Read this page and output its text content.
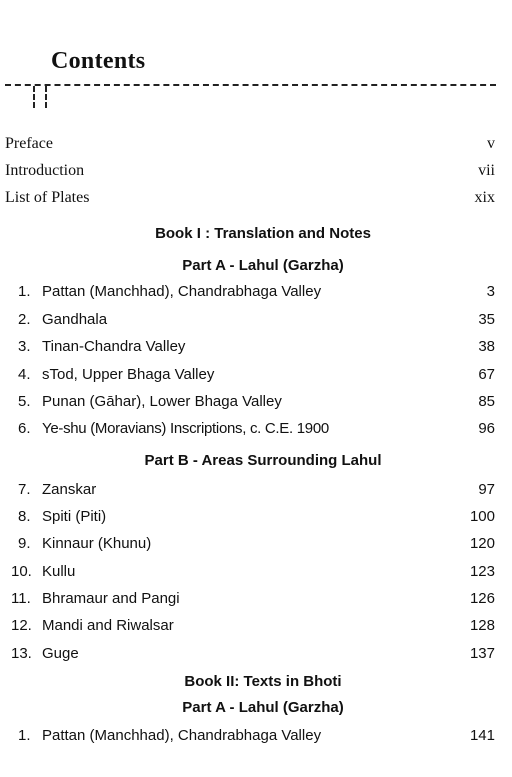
Contents
Preface	v
Introduction	vii
List of Plates	xix
Book I : Translation and Notes
Part A - Lahul (Garzha)
1. Pattan (Manchhad), Chandrabhaga Valley	3
2. Gandhala	35
3. Tinan-Chandra Valley	38
4. sTod, Upper Bhaga Valley	67
5. Punan (Gāhar), Lower Bhaga Valley	85
6. Ye-shu (Moravians) Inscriptions, c. C.E. 1900	96
Part B - Areas Surrounding Lahul
7. Zanskar	97
8. Spiti (Piti)	100
9. Kinnaur (Khunu)	120
10. Kullu	123
11. Bhramaur and Pangi	126
12. Mandi and Riwalsar	128
13. Guge	137
Book II: Texts in Bhoti
Part A - Lahul (Garzha)
1. Pattan (Manchhad), Chandrabhaga Valley	141
